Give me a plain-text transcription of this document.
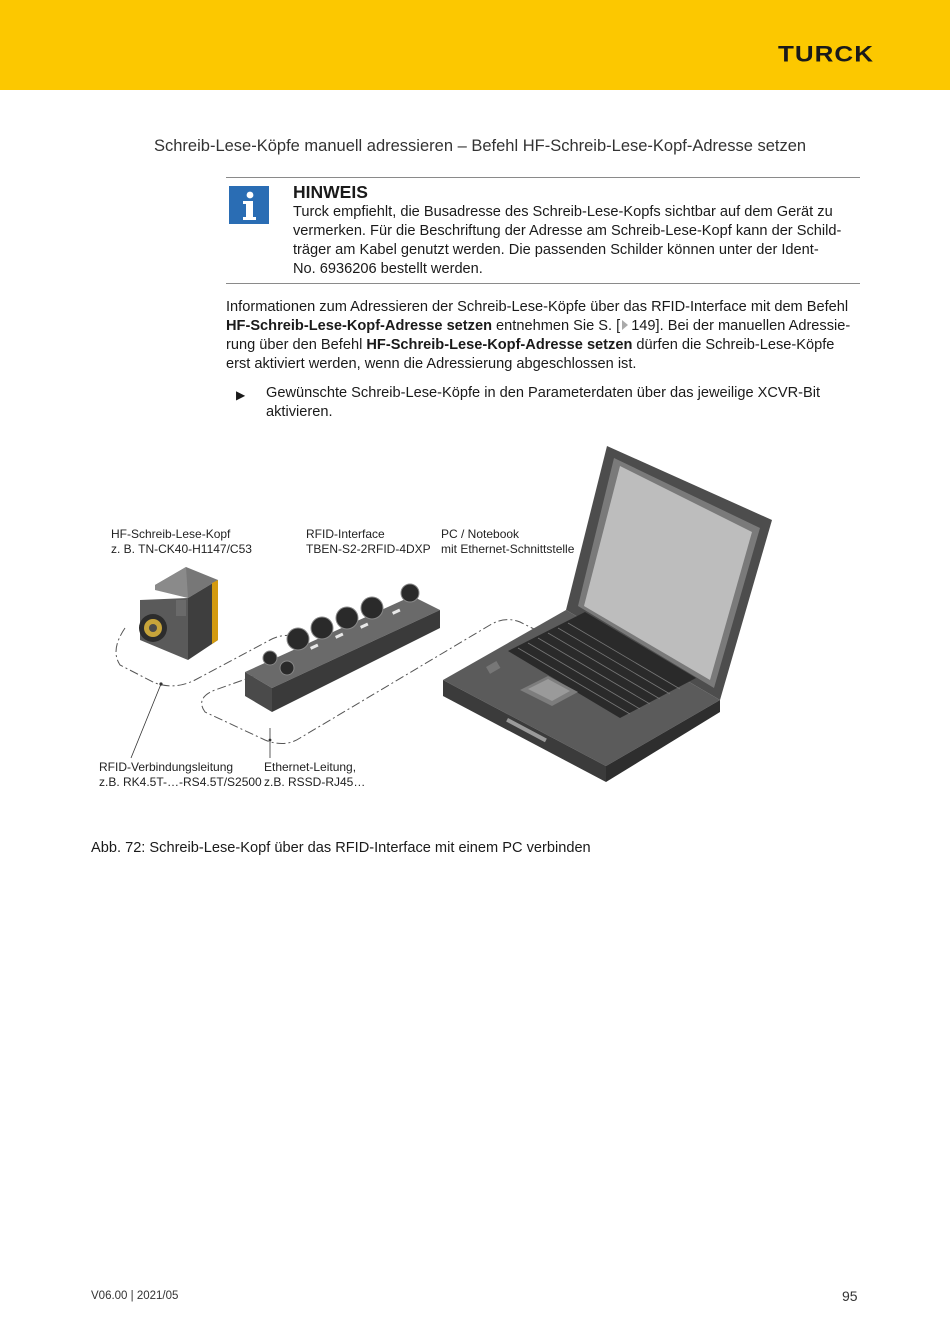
TURCK
Schreib-Lese-Köpfe manuell adressieren – Befehl HF-Schreib-Lese-Kopf-Adresse setzen
HINWEIS
Turck empfiehlt, die Busadresse des Schreib-Lese-Kopfs sichtbar auf dem Gerät zu
vermerken. Für die Beschriftung der Adresse am Schreib-Lese-Kopf kann der Schild-
träger am Kabel genutzt werden. Die passenden Schilder können unter der Ident-
No. 6936206 bestellt werden.
Informationen zum Adressieren der Schreib-Lese-Köpfe über das RFID-Interface mit dem Befehl
HF-Schreib-Lese-Kopf-Adresse setzen entnehmen Sie S. [ 149]. Bei der manuellen Adressie-
rung über den Befehl HF-Schreib-Lese-Kopf-Adresse setzen dürfen die Schreib-Lese-Köpfe
erst aktiviert werden, wenn die Adressierung abgeschlossen ist.
▶ Gewünschte Schreib-Lese-Köpfe in den Parameterdaten über das jeweilige XCVR-Bit
aktivieren.
HF-Schreib-Lese-Kopf
z. B. TN-CK40-H1147/C53
RFID-Interface
TBEN-S2-2RFID-4DXP
PC / Notebook
mit Ethernet-Schnittstelle
RFID-Verbindungsleitung
z.B. RK4.5T-…-RS4.5T/S2500
Ethernet-Leitung,
z.B. RSSD-RJ45…
Abb. 72: Schreib-Lese-Kopf über das RFID-Interface mit einem PC verbinden
V06.00 | 2021/05	95
